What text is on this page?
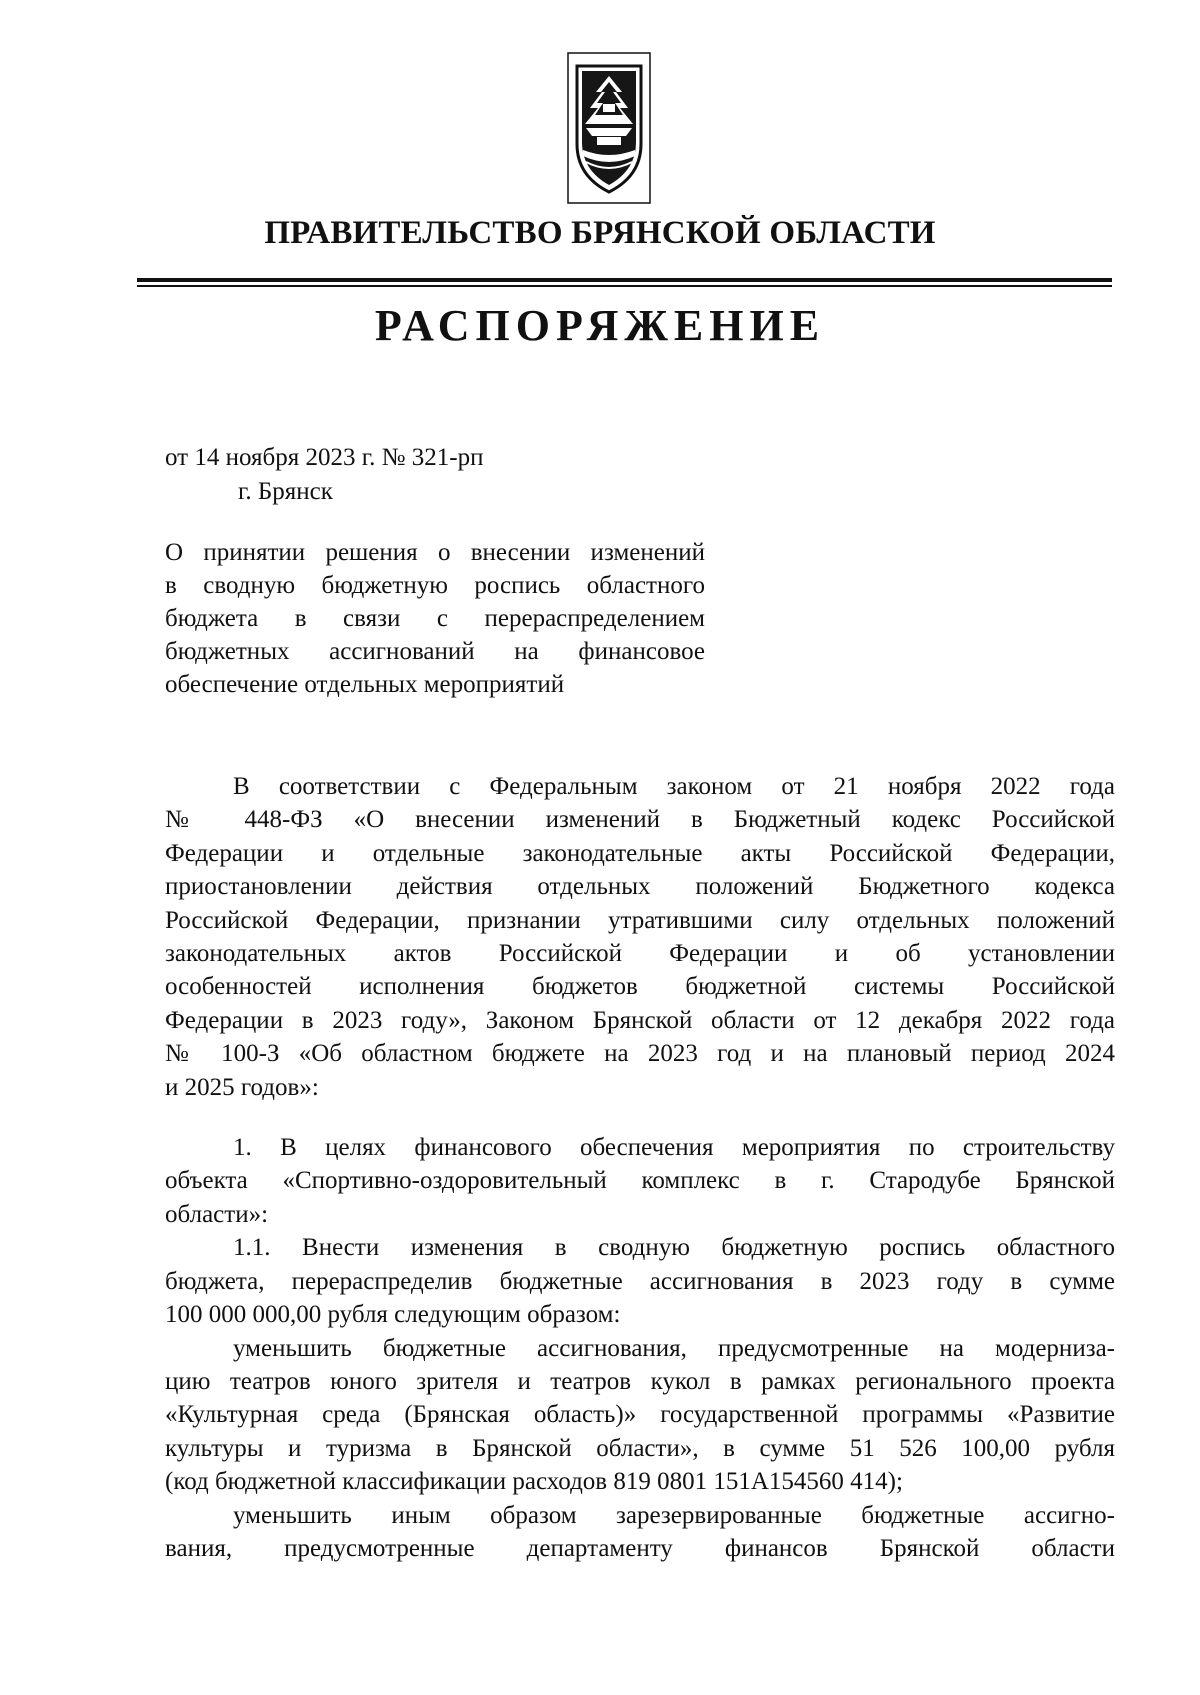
ПРАВИТЕЛЬСТВО БРЯНСКОЙ ОБЛАСТИ
РАСПОРЯЖЕНИЕ
от 14 ноября 2023 г. № 321-рп
г. Брянск
О принятии решения о внесении изменений
в сводную бюджетную роспись областного
бюджета в связи с перераспределением
бюджетных ассигнований на финансовое
обеспечение отдельных мероприятий
В соответствии с Федеральным законом от 21 ноября 2022 года
№ 448-ФЗ «О внесении изменений в Бюджетный кодекс Российской
Федерации и отдельные законодательные акты Российской Федерации,
приостановлении действия отдельных положений Бюджетного кодекса
Российской Федерации, признании утратившими силу отдельных положений
законодательных актов Российской Федерации и об установлении
особенностей исполнения бюджетов бюджетной системы Российской
Федерации в 2023 году», Законом Брянской области от 12 декабря 2022 года
№ 100-З «Об областном бюджете на 2023 год и на плановый период 2024
и 2025 годов»:
1. В целях финансового обеспечения мероприятия по строительству
объекта «Спортивно-оздоровительный комплекс в г. Стародубе Брянской
области»:
1.1. Внести изменения в сводную бюджетную роспись областного
бюджета, перераспределив бюджетные ассигнования в 2023 году в сумме
100 000 000,00 рубля следующим образом:
уменьшить бюджетные ассигнования, предусмотренные на модерниза-
цию театров юного зрителя и театров кукол в рамках регионального проекта
«Культурная среда (Брянская область)» государственной программы «Развитие
культуры и туризма в Брянской области», в сумме 51 526 100,00 рубля
(код бюджетной классификации расходов 819 0801 151А154560 414);
уменьшить иным образом зарезервированные бюджетные ассигно-
вания, предусмотренные департаменту финансов Брянской области
